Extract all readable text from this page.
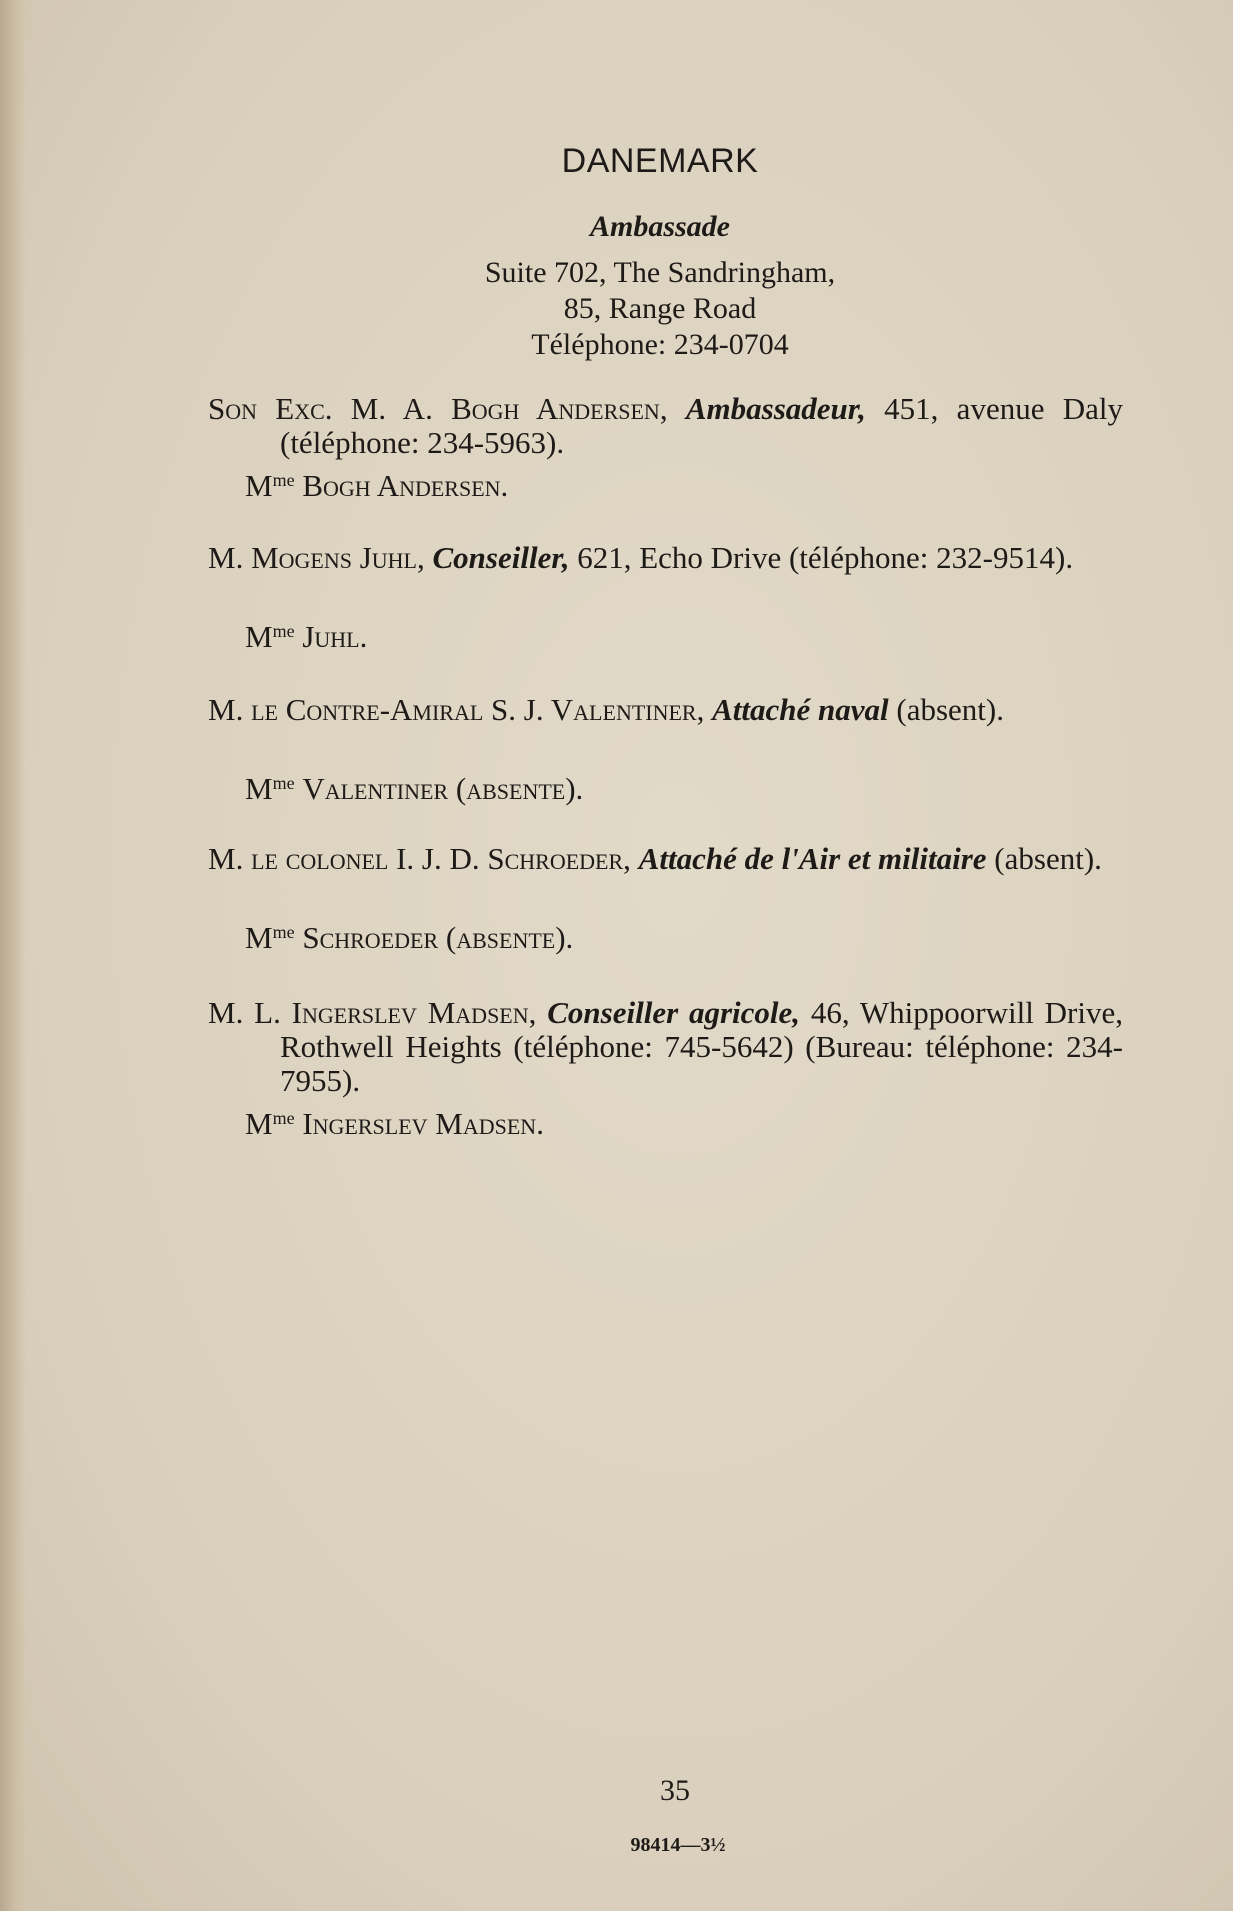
DANEMARK
Ambassade
Suite 702, The Sandringham,
85, Range Road
Téléphone: 234-0704
Son Exc. M. A. Bogh Andersen, Ambassadeur, 451, avenue Daly (téléphone: 234-5963).
$M^{me}$ Bogh Andersen.
M. Mogens Juhl, Conseiller, 621, Echo Drive (téléphone: 232-9514).
$M^{me}$ Juhl.
M. le Contre-Amiral S. J. Valentiner, Attaché naval (absent).
$M^{me}$ Valentiner (absente).
M. le colonel I. J. D. Schroeder, Attaché de l'Air et militaire (absent).
$M^{me}$ Schroeder (absente).
M. L. Ingerslev Madsen, Conseiller agricole, 46, Whippoorwill Drive, Rothwell Heights (téléphone: 745-5642) (Bureau: téléphone: 234-7955).
$M^{me}$ Ingerslev Madsen.
35
98414—3½
